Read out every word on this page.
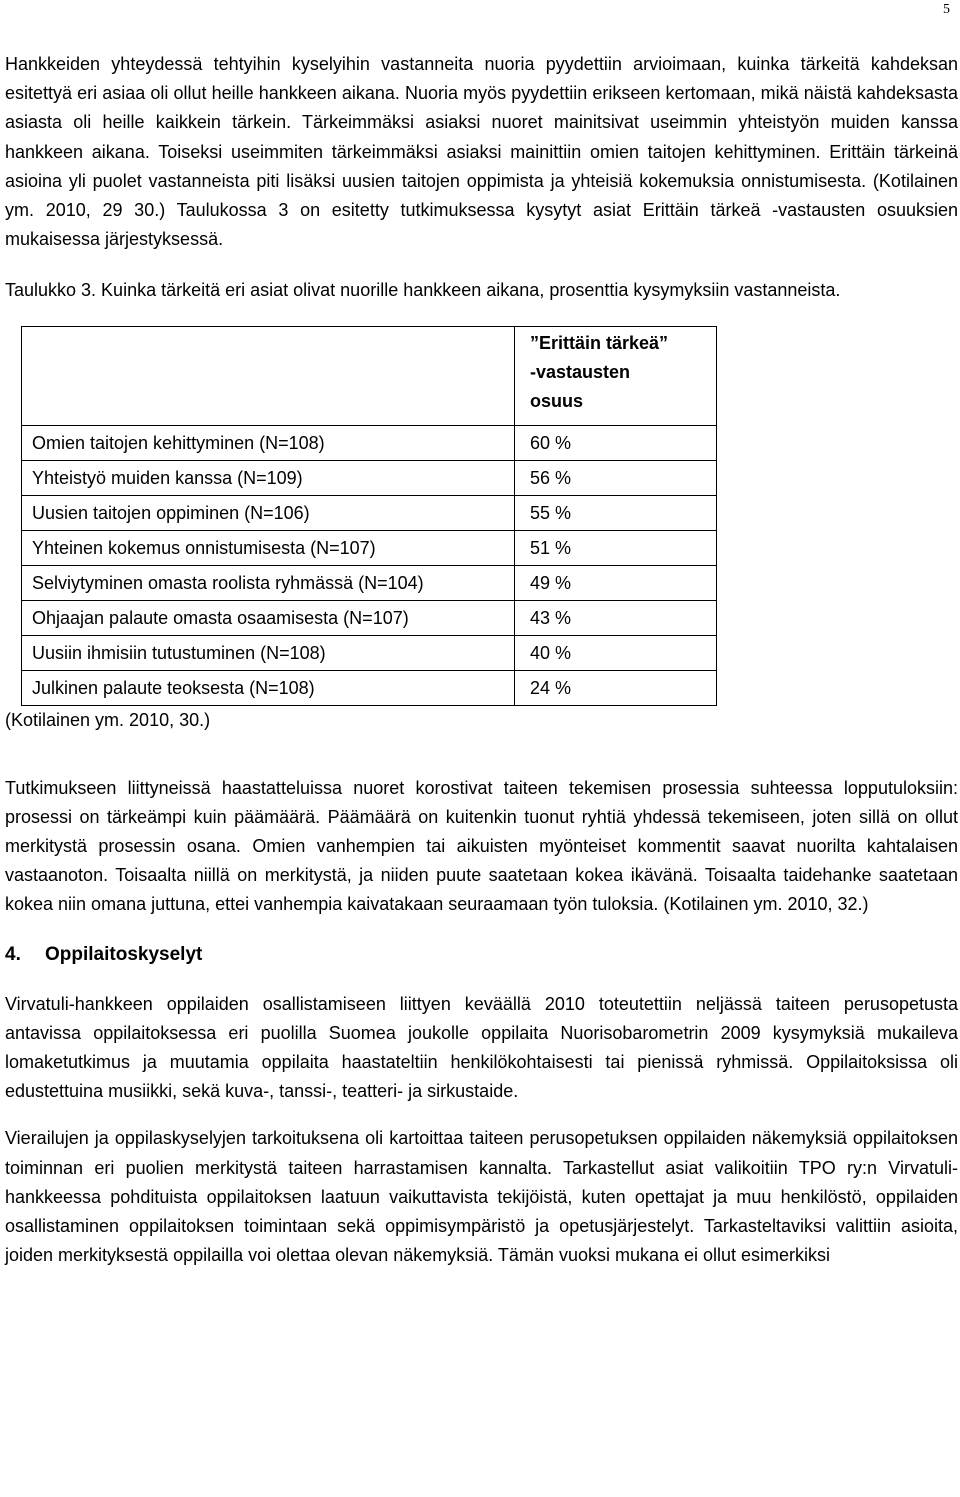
5

Hankkeiden yhteydessä tehtyihin kyselyihin vastanneita nuoria pyydettiin arvioimaan, kuinka tärkeitä kahdeksan esitettyä eri asiaa oli ollut heille hankkeen aikana. Nuoria myös pyydettiin erikseen kertomaan, mikä näistä kahdeksasta asiasta oli heille kaikkein tärkein. Tärkeimmäksi asiaksi nuoret mainitsivat useimmin yhteistyön muiden kanssa hankkeen aikana. Toiseksi useimmiten tärkeimmäksi asiaksi mainittiin omien taitojen kehittyminen. Erittäin tärkeinä asioina yli puolet vastanneista piti lisäksi uusien taitojen oppimista ja yhteisiä kokemuksia onnistumisesta. (Kotilainen ym. 2010, 29 30.) Taulukossa 3 on esitetty tutkimuksessa kysytyt asiat Erittäin tärkeä -vastausten osuuksien mukaisessa järjestyksessä.

Taulukko 3. Kuinka tärkeitä eri asiat olivat nuorille hankkeen aikana, prosenttia kysymyksiin vastanneista.

	”Erittäin tärkeä”
-vastausten
osuus

Omien taitojen kehittyminen (N=108)	60 %
Yhteistyö muiden kanssa (N=109)	56 %
Uusien taitojen oppiminen (N=106)	55 %
Yhteinen kokemus onnistumisesta (N=107)	51 %
Selviytyminen omasta roolista ryhmässä (N=104)	49 %
Ohjaajan palaute omasta osaamisesta (N=107)	43 %
Uusiin ihmisiin tutustuminen (N=108)	40 %
Julkinen palaute teoksesta (N=108)	24 %

(Kotilainen ym. 2010, 30.)

Tutkimukseen liittyneissä haastatteluissa nuoret korostivat taiteen tekemisen prosessia suhteessa lopputuloksiin: prosessi on tärkeämpi kuin päämäärä. Päämäärä on kuitenkin tuonut ryhtiä yhdessä tekemiseen, joten sillä on ollut merkitystä prosessin osana. Omien vanhempien tai aikuisten myönteiset kommentit saavat nuorilta kahtalaisen vastaanoton. Toisaalta niillä on merkitystä, ja niiden puute saatetaan kokea ikävänä. Toisaalta taidehanke saatetaan kokea niin omana juttuna, ettei vanhempia kaivatakaan seuraamaan työn tuloksia. (Kotilainen ym. 2010, 32.)

4. Oppilaitoskyselyt

Virvatuli-hankkeen oppilaiden osallistamiseen liittyen keväällä 2010 toteutettiin neljässä taiteen perusopetusta antavissa oppilaitoksessa eri puolilla Suomea joukolle oppilaita Nuorisobarometrin 2009 kysymyksiä mukaileva lomaketutkimus ja muutamia oppilaita haastateltiin henkilökohtaisesti tai pienissä ryhmissä. Oppilaitoksissa oli edustettuina musiikki, sekä kuva-, tanssi-, teatteri- ja sirkustaide.

Vierailujen ja oppilaskyselyjen tarkoituksena oli kartoittaa taiteen perusopetuksen oppilaiden näkemyksiä oppilaitoksen toiminnan eri puolien merkitystä taiteen harrastamisen kannalta. Tarkastellut asiat valikoitiin TPO ry:n Virvatuli-hankkeessa pohdituista oppilaitoksen laatuun vaikuttavista tekijöistä, kuten opettajat ja muu henkilöstö, oppilaiden osallistaminen oppilaitoksen toimintaan sekä oppimisympäristö ja opetusjärjestelyt. Tarkasteltaviksi valittiin asioita, joiden merkityksestä oppilailla voi olettaa olevan näkemyksiä. Tämän vuoksi mukana ei ollut esimerkiksi
